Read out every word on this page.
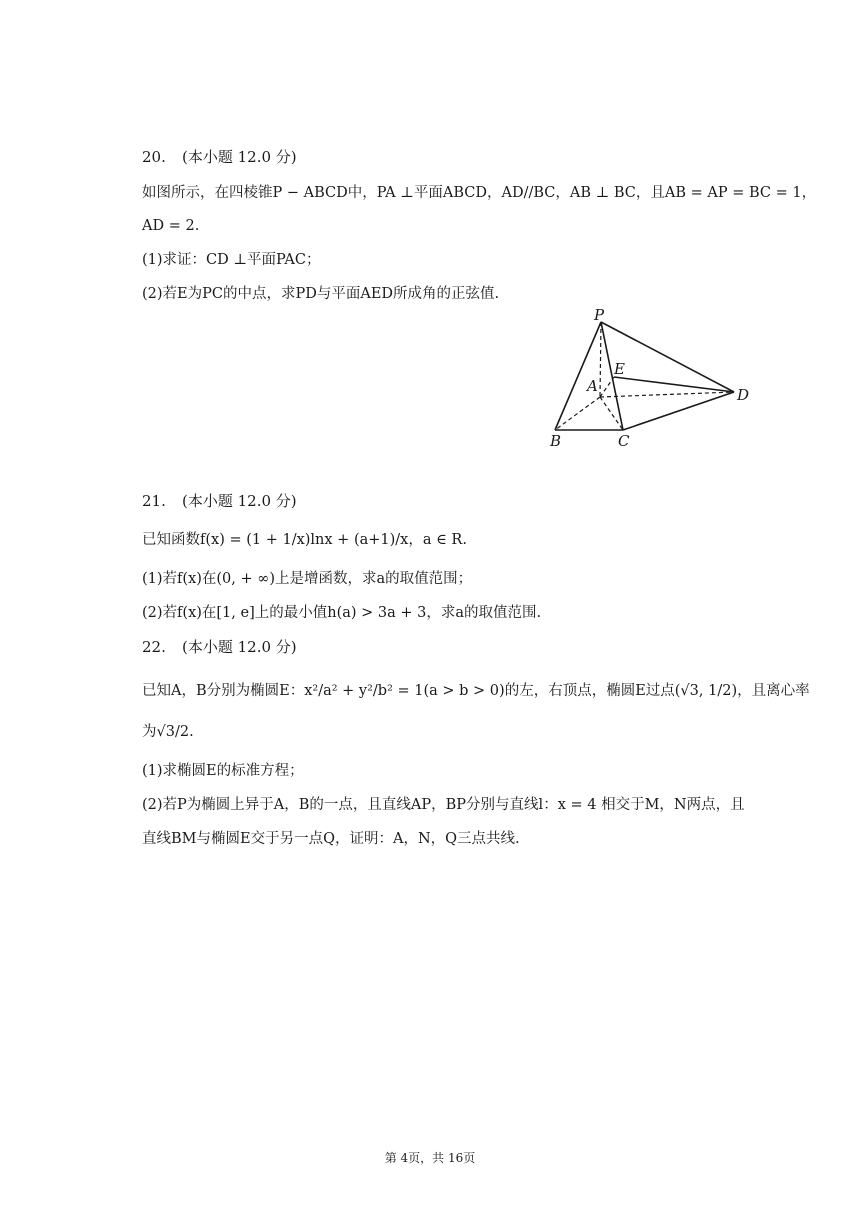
20. (本小题 12.0 分)
如图所示，在四棱锥P − ABCD中，PA ⊥平面ABCD，AD//BC，AB ⊥ BC，且AB = AP = BC = 1，
AD = 2.
(1)求证：CD ⊥平面PAC；
(2)若E为PC的中点，求PD与平面AED所成角的正弦值.
P
E
A	D
B	C
21. (本小题 12.0 分)
已知函数f(x) = (1 + 1/x)lnx + (a+1)/x，a ∈ R.
(1)若f(x)在(0, + ∞)上是增函数，求a的取值范围；
(2)若f(x)在[1, e]上的最小值h(a) > 3a + 3，求a的取值范围.
22. (本小题 12.0 分)
已知A，B分别为椭圆E：x²/a² + y²/b² = 1(a > b > 0)的左，右顶点，椭圆E过点(√3, 1/2)，且离心率
为√3/2.
(1)求椭圆E的标准方程；
(2)若P为椭圆上异于A，B的一点，且直线AP，BP分别与直线l：x = 4 相交于M，N两点，且
直线BM与椭圆E交于另一点Q，证明：A，N，Q三点共线.
第 4页，共 16页
